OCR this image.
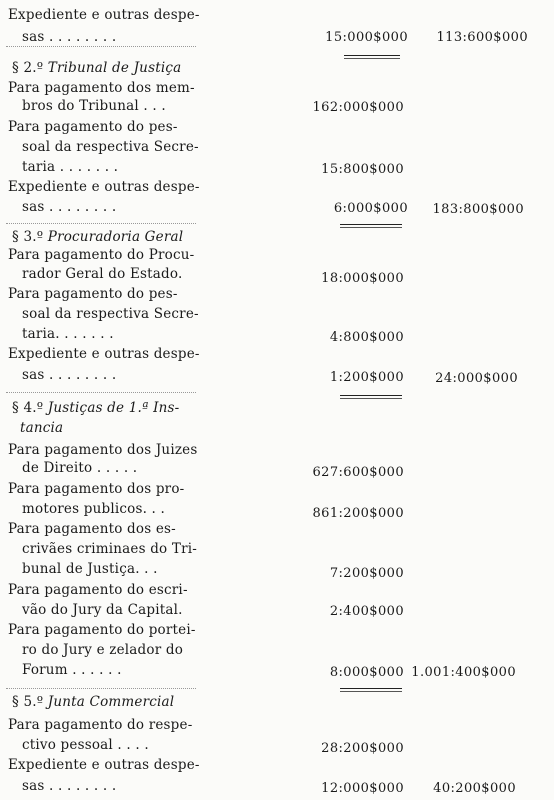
Expediente e outras despe-
sas . . . . . . . .	15:000$000 113:600$000
§ 2.º Tribunal de Justiça
Para pagamento dos mem-
bros do Tribunal . . .	162:000$000
Para pagamento do pes-
soal da respectiva Secre-
taria . . . . . . .	15:800$000
Expediente e outras despe-
sas . . . . . . . .	6:000$000 183:800$000
§ 3.º Procuradoria Geral
Para pagamento do Procu-
rador Geral do Estado.	18:000$000
Para pagamento do pes-
soal da respectiva Secre-
taria. . . . . . .	4:800$000
Expediente e outras despe-
sas . . . . . . . .	1:200$000 24:000$000
§ 4.º Justiças de 1.ª Ins-
tancia
Para pagamento dos Juizes
de Direito . . . . .	627:600$000
Para pagamento dos pro-
motores publicos. . .	861:200$000
Para pagamento dos es-
crivães criminaes do Tri-
bunal de Justiça. . .	7:200$000
Para pagamento do escri-
vão do Jury da Capital.	2:400$000
Para pagamento do portei-
ro do Jury e zelador do
Forum . . . . . .	8:000$000 1.001:400$000
§ 5.º Junta Commercial
Para pagamento do respe-
ctivo pessoal . . . .	28:200$000
Expediente e outras despe-
sas . . . . . . . .	12:000$000 40:200$000
